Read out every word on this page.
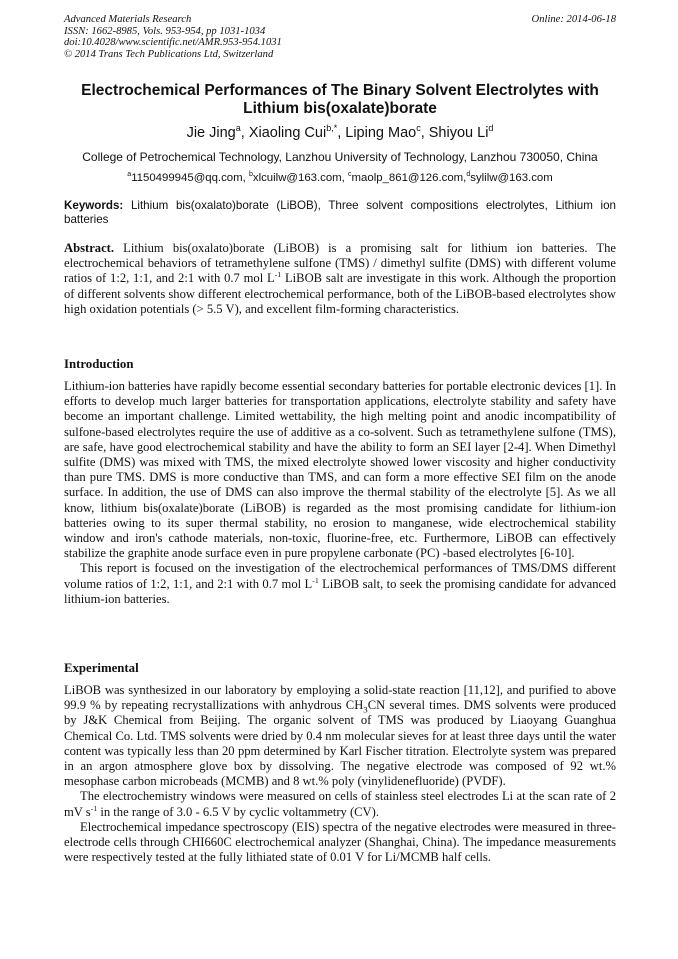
Advanced Materials Research
ISSN: 1662-8985, Vols. 953-954, pp 1031-1034
doi:10.4028/www.scientific.net/AMR.953-954.1031
© 2014 Trans Tech Publications Ltd, Switzerland
Online: 2014-06-18
Electrochemical Performances of The Binary Solvent Electrolytes with
Lithium bis(oxalate)borate
Jie Jing$^a$, Xiaoling Cui$^{b,*}$, Liping Mao$^c$, Shiyou Li$^d$
College of Petrochemical Technology, Lanzhou University of Technology, Lanzhou 730050, China
$^a$1150499945@qq.com, $^b$xlcuilw@163.com, $^c$maolp_861@126.com,$^d$sylilw@163.com
Keywords: Lithium bis(oxalato)borate (LiBOB), Three solvent compositions electrolytes, Lithium ion batteries
Abstract. Lithium bis(oxalato)borate (LiBOB) is a promising salt for lithium ion batteries. The electrochemical behaviors of tetramethylene sulfone (TMS) / dimethyl sulfite (DMS) with different volume ratios of 1:2, 1:1, and 2:1 with 0.7 mol $L^{-1}$ LiBOB salt are investigate in this work. Although the proportion of different solvents show different electrochemical performance, both of the LiBOB-based electrolytes show high oxidation potentials (> 5.5 V), and excellent film-forming characteristics.
Introduction

Lithium-ion batteries have rapidly become essential secondary batteries for portable electronic devices [1]. In efforts to develop much larger batteries for transportation applications, electrolyte stability and safety have become an important challenge. Limited wettability, the high melting point and anodic incompatibility of sulfone-based electrolytes require the use of additive as a co-solvent. Such as tetramethylene sulfone (TMS), are safe, have good electrochemical stability and have the ability to form an SEI layer [2-4]. When Dimethyl sulfite (DMS) was mixed with TMS, the mixed electrolyte showed lower viscosity and higher conductivity than pure TMS. DMS is more conductive than TMS, and can form a more effective SEI film on the anode surface. In addition, the use of DMS can also improve the thermal stability of the electrolyte [5]. As we all know, lithium bis(oxalate)borate (LiBOB) is regarded as the most promising candidate for lithium-ion batteries owing to its super thermal stability, no erosion to manganese, wide electrochemical stability window and iron's cathode materials, non-toxic, fluorine-free, etc. Furthermore, LiBOB can effectively stabilize the graphite anode surface even in pure propylene carbonate (PC) -based electrolytes [6-10].

This report is focused on the investigation of the electrochemical performances of TMS/DMS different volume ratios of 1:2, 1:1, and 2:1 with 0.7 mol $L^{-1}$ LiBOB salt, to seek the promising candidate for advanced lithium-ion batteries.

Experimental

LiBOB was synthesized in our laboratory by employing a solid-state reaction [11,12], and purified to above 99.9 % by repeating recrystallizations with anhydrous $CH_3CN$ several times. DMS solvents were produced by J&K Chemical from Beijing. The organic solvent of TMS was produced by Liaoyang Guanghua Chemical Co. Ltd. TMS solvents were dried by 0.4 nm molecular sieves for at least three days until the water content was typically less than 20 ppm determined by Karl Fischer titration. Electrolyte system was prepared in an argon atmosphere glove box by dissolving. The negative electrode was composed of 92 wt.% mesophase carbon microbeads (MCMB) and 8 wt.% poly (vinylidenefluoride) (PVDF).

The electrochemistry windows were measured on cells of stainless steel electrodes Li at the scan rate of 2 mV $s^{-1}$ in the range of 3.0 - 6.5 V by cyclic voltammetry (CV).

Electrochemical impedance spectroscopy (EIS) spectra of the negative electrodes were measured in three-electrode cells through CHI660C electrochemical analyzer (Shanghai, China). The impedance measurements were respectively tested at the fully lithiated state of 0.01 V for Li/MCMB half cells.
